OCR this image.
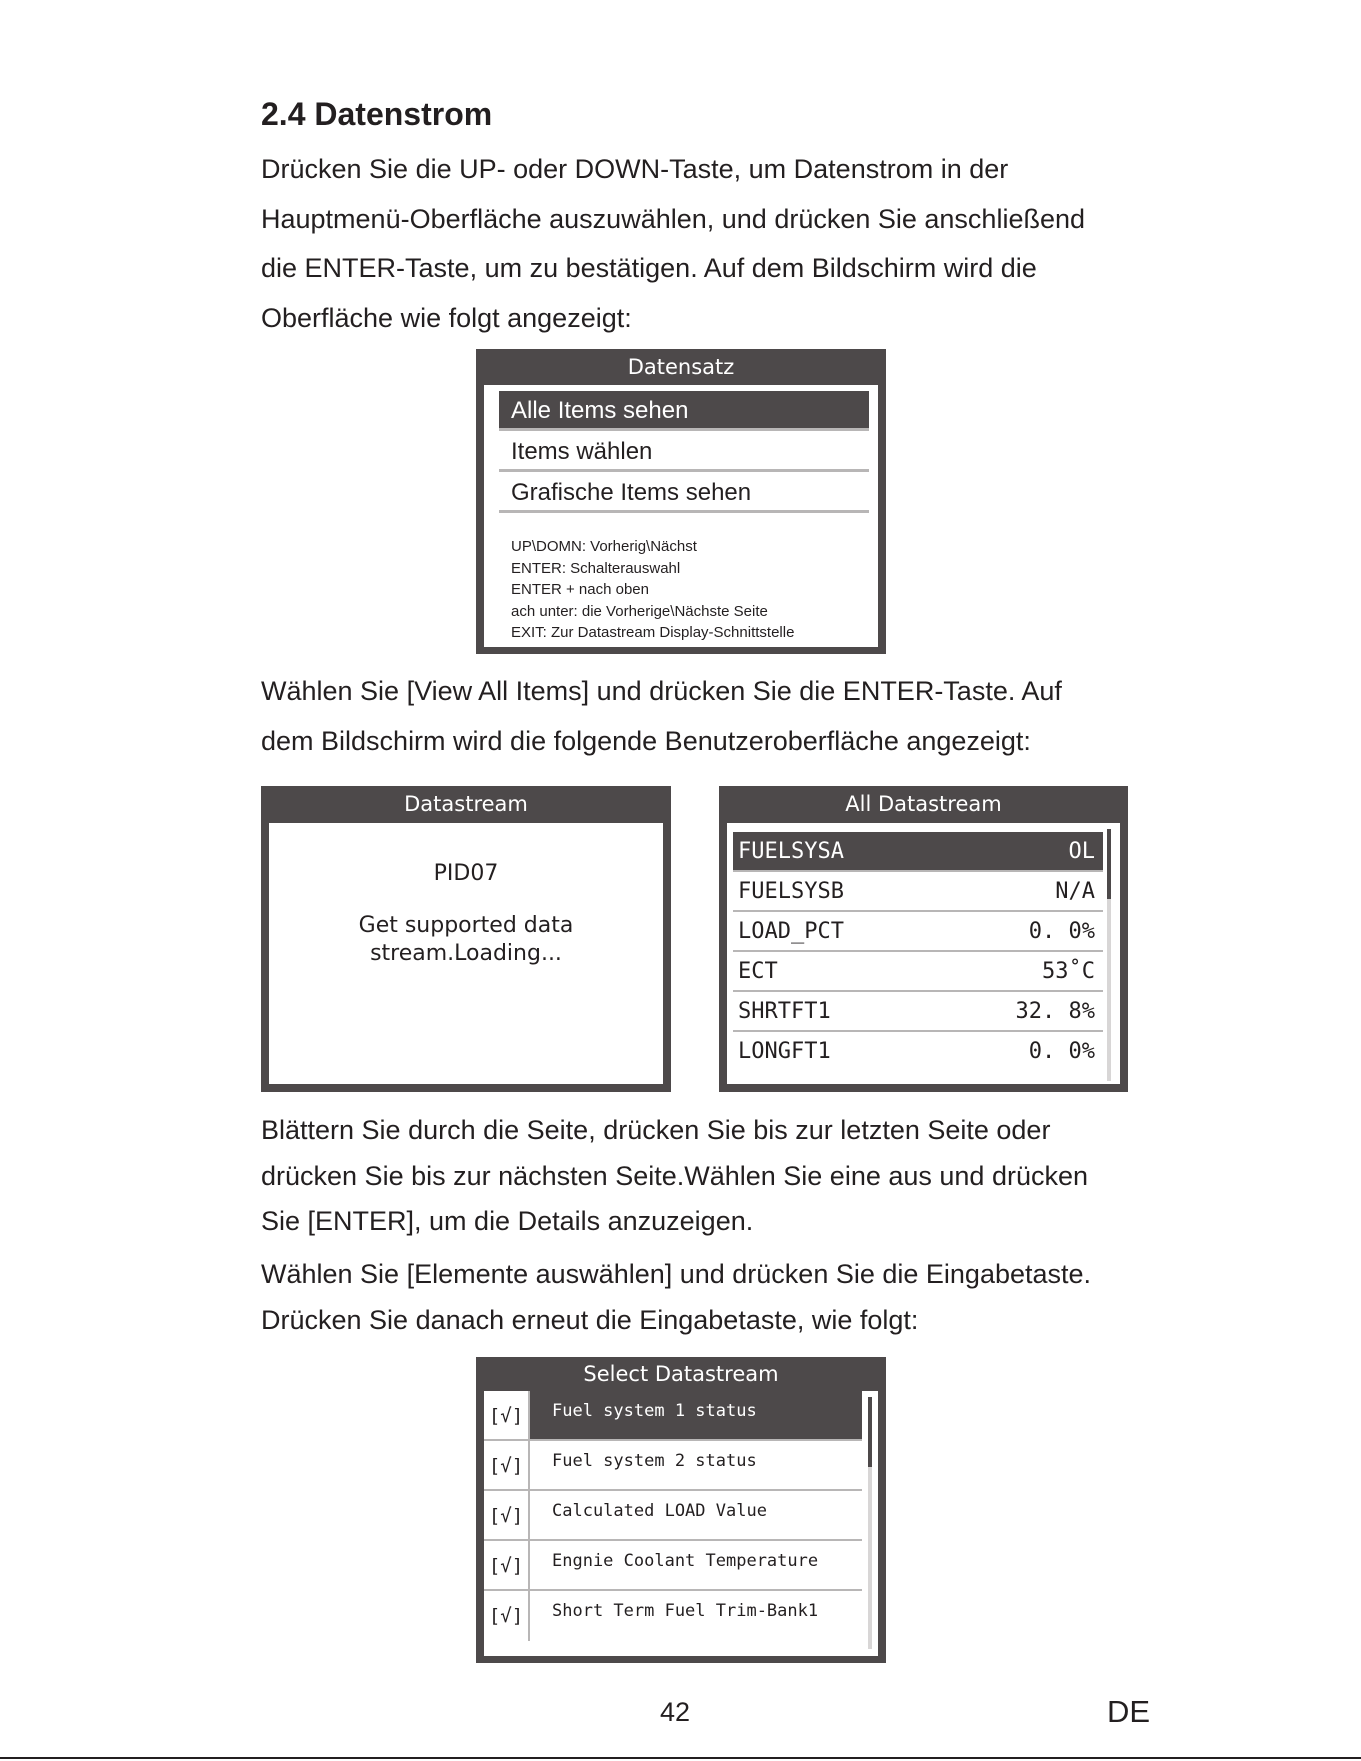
2.4 Datenstrom
Drücken Sie die UP- oder DOWN-Taste, um Datenstrom in der
Hauptmenü-Oberfläche auszuwählen, und drücken Sie anschließend
die ENTER-Taste, um zu bestätigen. Auf dem Bildschirm wird die
Oberfläche wie folgt angezeigt:
Datensatz
Alle Items sehen
Items wählen
Grafische Items sehen
UP\DOMN: Vorherig\Nächst
ENTER: Schalterauswahl
ENTER + nach oben
ach unter: die Vorherige\Nächste Seite
EXIT: Zur Datastream Display-Schnittstelle
Wählen Sie [View All Items] und drücken Sie die ENTER-Taste. Auf
dem Bildschirm wird die folgende Benutzeroberfläche angezeigt:
Datastream
PID07
Get supported data
stream.Loading...
All Datastream
FUELSYSA	OL
FUELSYSB	N/A
LOAD_PCT	0. 0%
ECT	53˚C
SHRTFT1	32. 8%
LONGFT1	0. 0%
Blättern Sie durch die Seite, drücken Sie bis zur letzten Seite oder
drücken Sie bis zur nächsten Seite.Wählen Sie eine aus und drücken
Sie [ENTER], um die Details anzuzeigen.
Wählen Sie [Elemente auswählen] und drücken Sie die Eingabetaste.
Drücken Sie danach erneut die Eingabetaste, wie folgt:
Select Datastream
[√]	Fuel system 1 status
[√]	Fuel system 2 status
[√]	Calculated LOAD Value
[√]	Engnie Coolant Temperature
[√]	Short Term Fuel Trim-Bank1
42	DE
